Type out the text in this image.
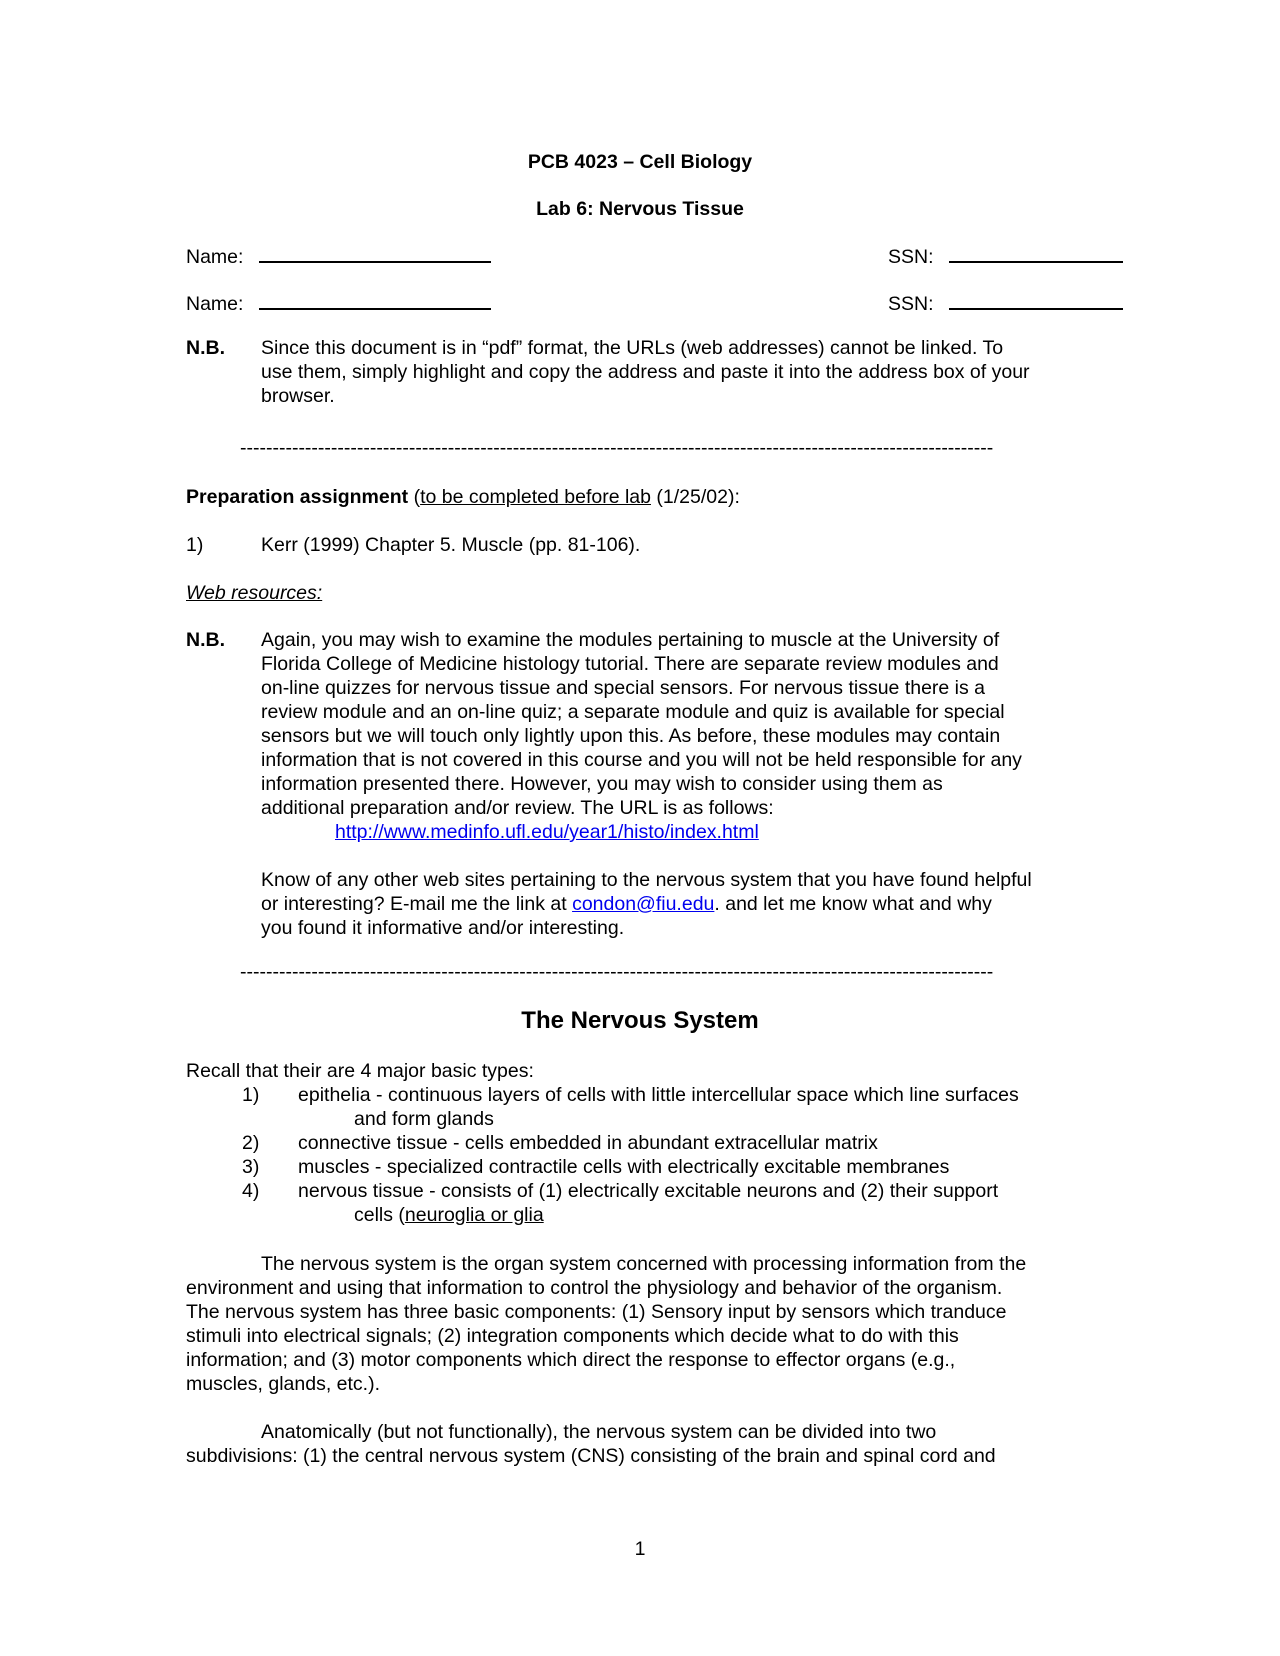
PCB 4023 – Cell Biology
Lab 6: Nervous Tissue
Name:	SSN:
Name:	SSN:
N.B. Since this document is in “pdf” format, the URLs (web addresses) cannot be linked. To
use them, simply highlight and copy the address and paste it into the address box of your
browser.
--------------------------------------------------------------------------------------------------------------------
Preparation assignment (to be completed before lab (1/25/02):
1)	Kerr (1999) Chapter 5. Muscle (pp. 81-106).
Web resources:
N.B. Again, you may wish to examine the modules pertaining to muscle at the University of
Florida College of Medicine histology tutorial. There are separate review modules and
on-line quizzes for nervous tissue and special sensors. For nervous tissue there is a
review module and an on-line quiz; a separate module and quiz is available for special
sensors but we will touch only lightly upon this. As before, these modules may contain
information that is not covered in this course and you will not be held responsible for any
information presented there. However, you may wish to consider using them as
additional preparation and/or review. The URL is as follows:
http://www.medinfo.ufl.edu/year1/histo/index.html
Know of any other web sites pertaining to the nervous system that you have found helpful
or interesting? E-mail me the link at condon@fiu.edu. and let me know what and why
you found it informative and/or interesting.
--------------------------------------------------------------------------------------------------------------------
The Nervous System
Recall that their are 4 major basic types:
1) epithelia - continuous layers of cells with little intercellular space which line surfaces
and form glands
2) connective tissue - cells embedded in abundant extracellular matrix
3) muscles - specialized contractile cells with electrically excitable membranes
4) nervous tissue - consists of (1) electrically excitable neurons and (2) their support
cells (neuroglia or glia
The nervous system is the organ system concerned with processing information from the
environment and using that information to control the physiology and behavior of the organism.
The nervous system has three basic components: (1) Sensory input by sensors which tranduce
stimuli into electrical signals; (2) integration components which decide what to do with this
information; and (3) motor components which direct the response to effector organs (e.g.,
muscles, glands, etc.).
Anatomically (but not functionally), the nervous system can be divided into two
subdivisions: (1) the central nervous system (CNS) consisting of the brain and spinal cord and
1
